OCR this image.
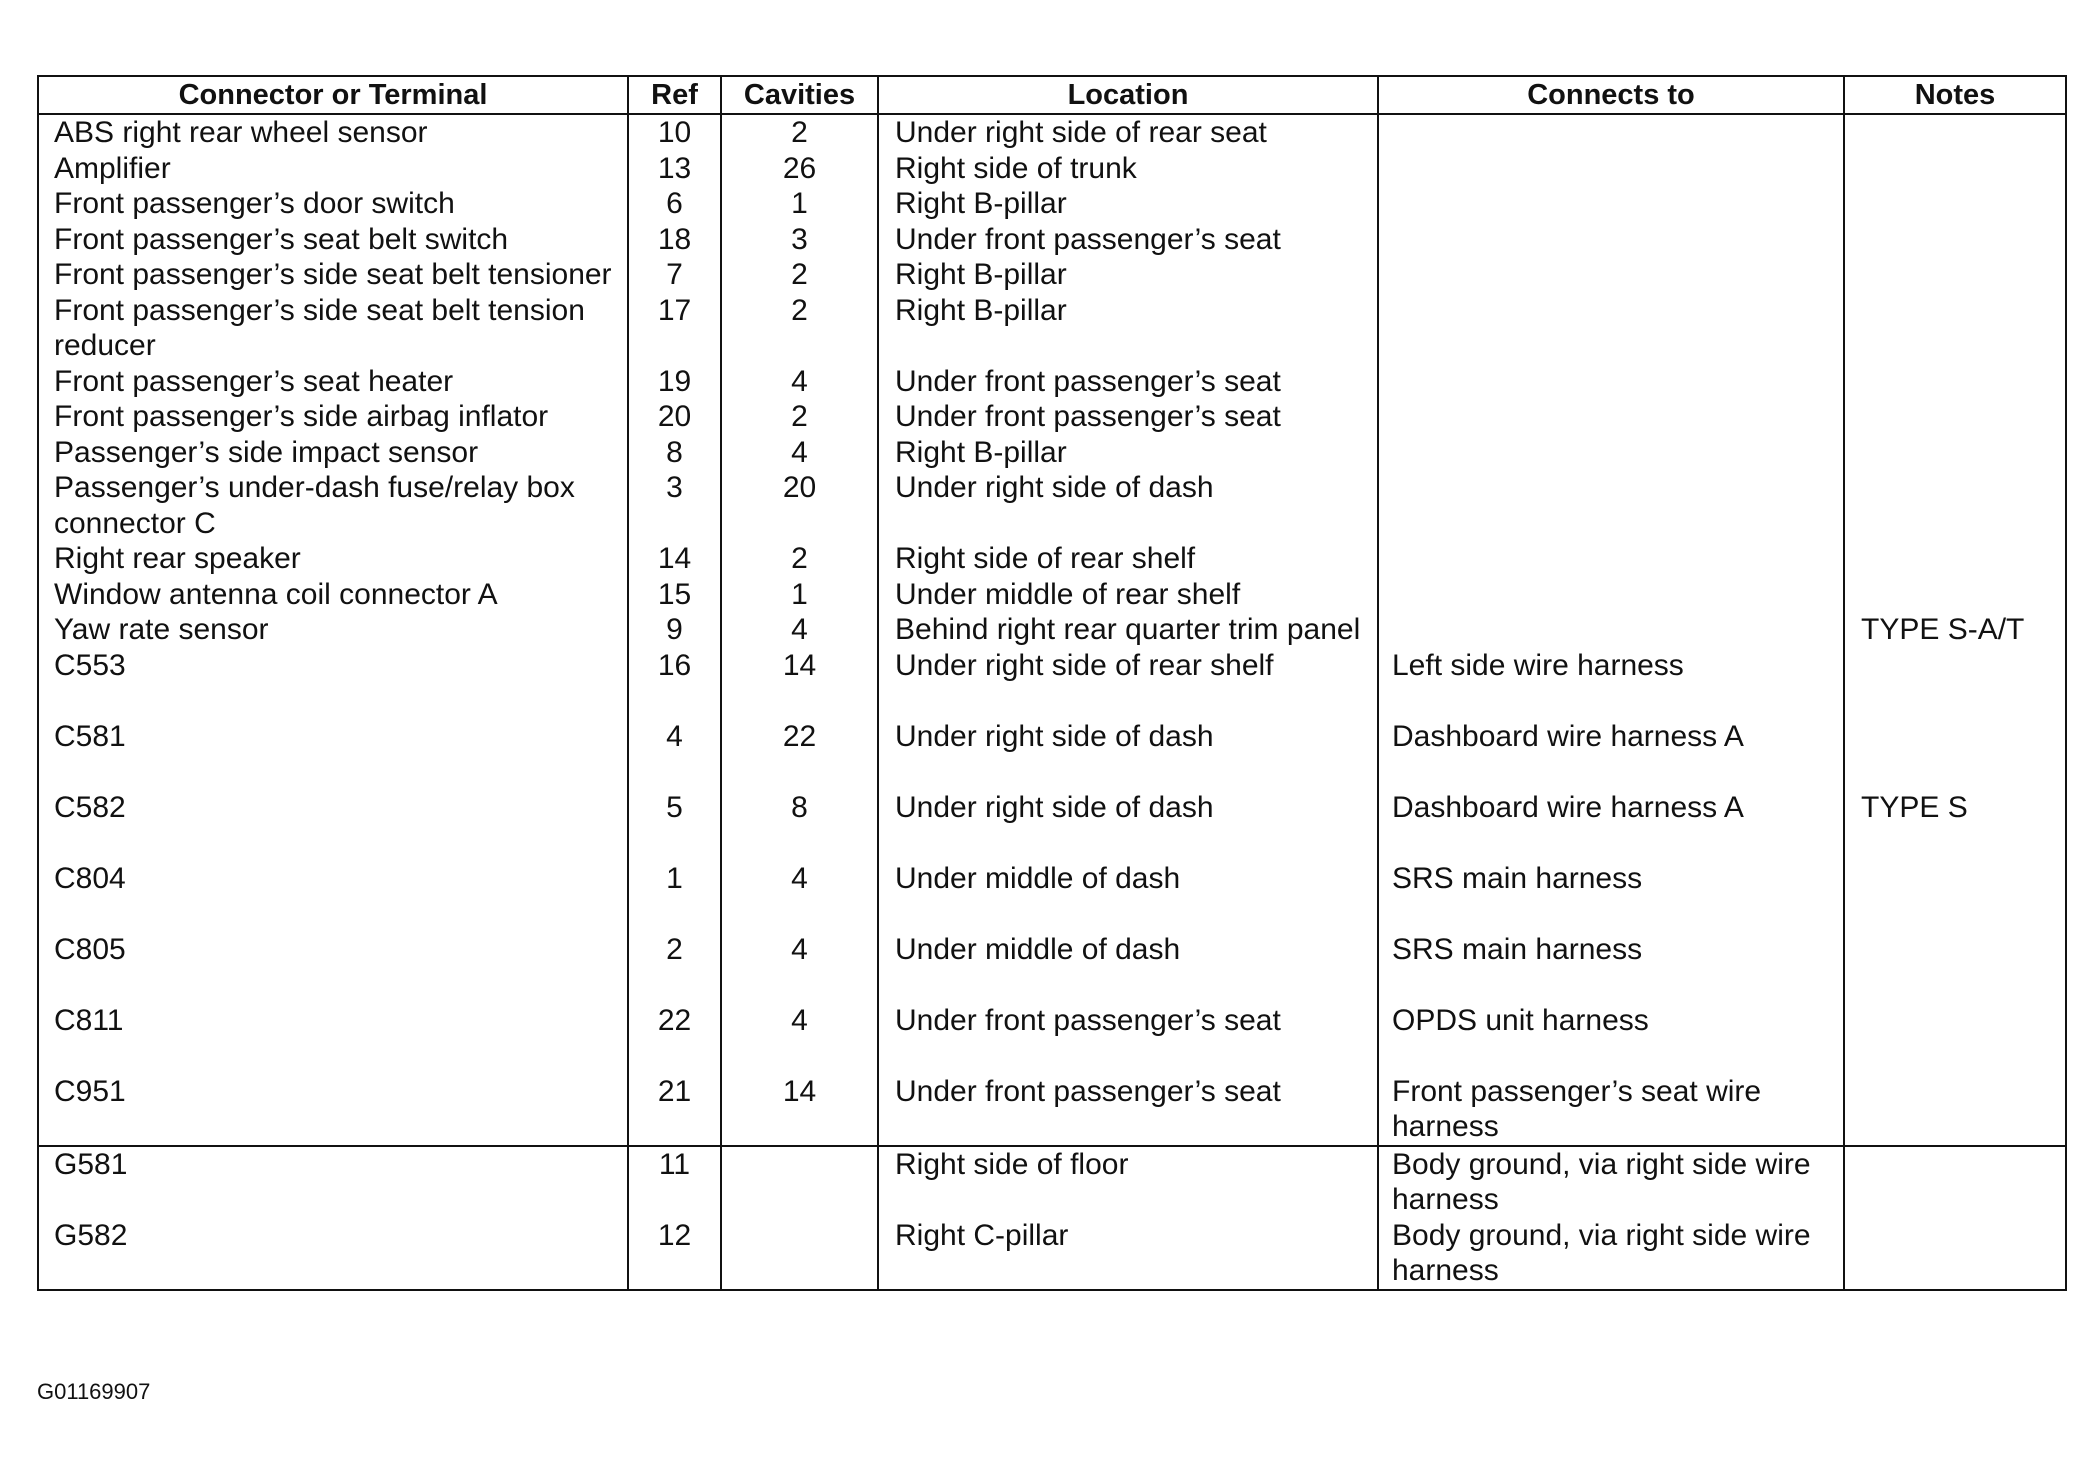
Connector or Terminal	Ref	Cavities	Location	Connects to	Notes
ABS right rear wheel sensor	10	2	Under right side of rear seat		
Amplifier	13	26	Right side of trunk		
Front passenger’s door switch	6	1	Right B-pillar		
Front passenger’s seat belt switch	18	3	Under front passenger’s seat		
Front passenger’s side seat belt tensioner	7	2	Right B-pillar		
Front passenger’s side seat belt tension reducer	17	2	Right B-pillar		
Front passenger’s seat heater	19	4	Under front passenger’s seat		
Front passenger’s side airbag inflator	20	2	Under front passenger’s seat		
Passenger’s side impact sensor	8	4	Right B-pillar		
Passenger’s under-dash fuse/relay box connector C	3	20	Under right side of dash		
Right rear speaker	14	2	Right side of rear shelf		
Window antenna coil connector A	15	1	Under middle of rear shelf		
Yaw rate sensor	9	4	Behind right rear quarter trim panel		TYPE S-A/T
C553	16	14	Under right side of rear shelf	Left side wire harness	
C581	4	22	Under right side of dash	Dashboard wire harness A	
C582	5	8	Under right side of dash	Dashboard wire harness A	TYPE S
C804	1	4	Under middle of dash	SRS main harness	
C805	2	4	Under middle of dash	SRS main harness	
C811	22	4	Under front passenger’s seat	OPDS unit harness	
C951	21	14	Under front passenger’s seat	Front passenger’s seat wire harness	
G581	11		Right side of floor	Body ground, via right side wire harness	
G582	12		Right C-pillar	Body ground, via right side wire harness	
G01169907
